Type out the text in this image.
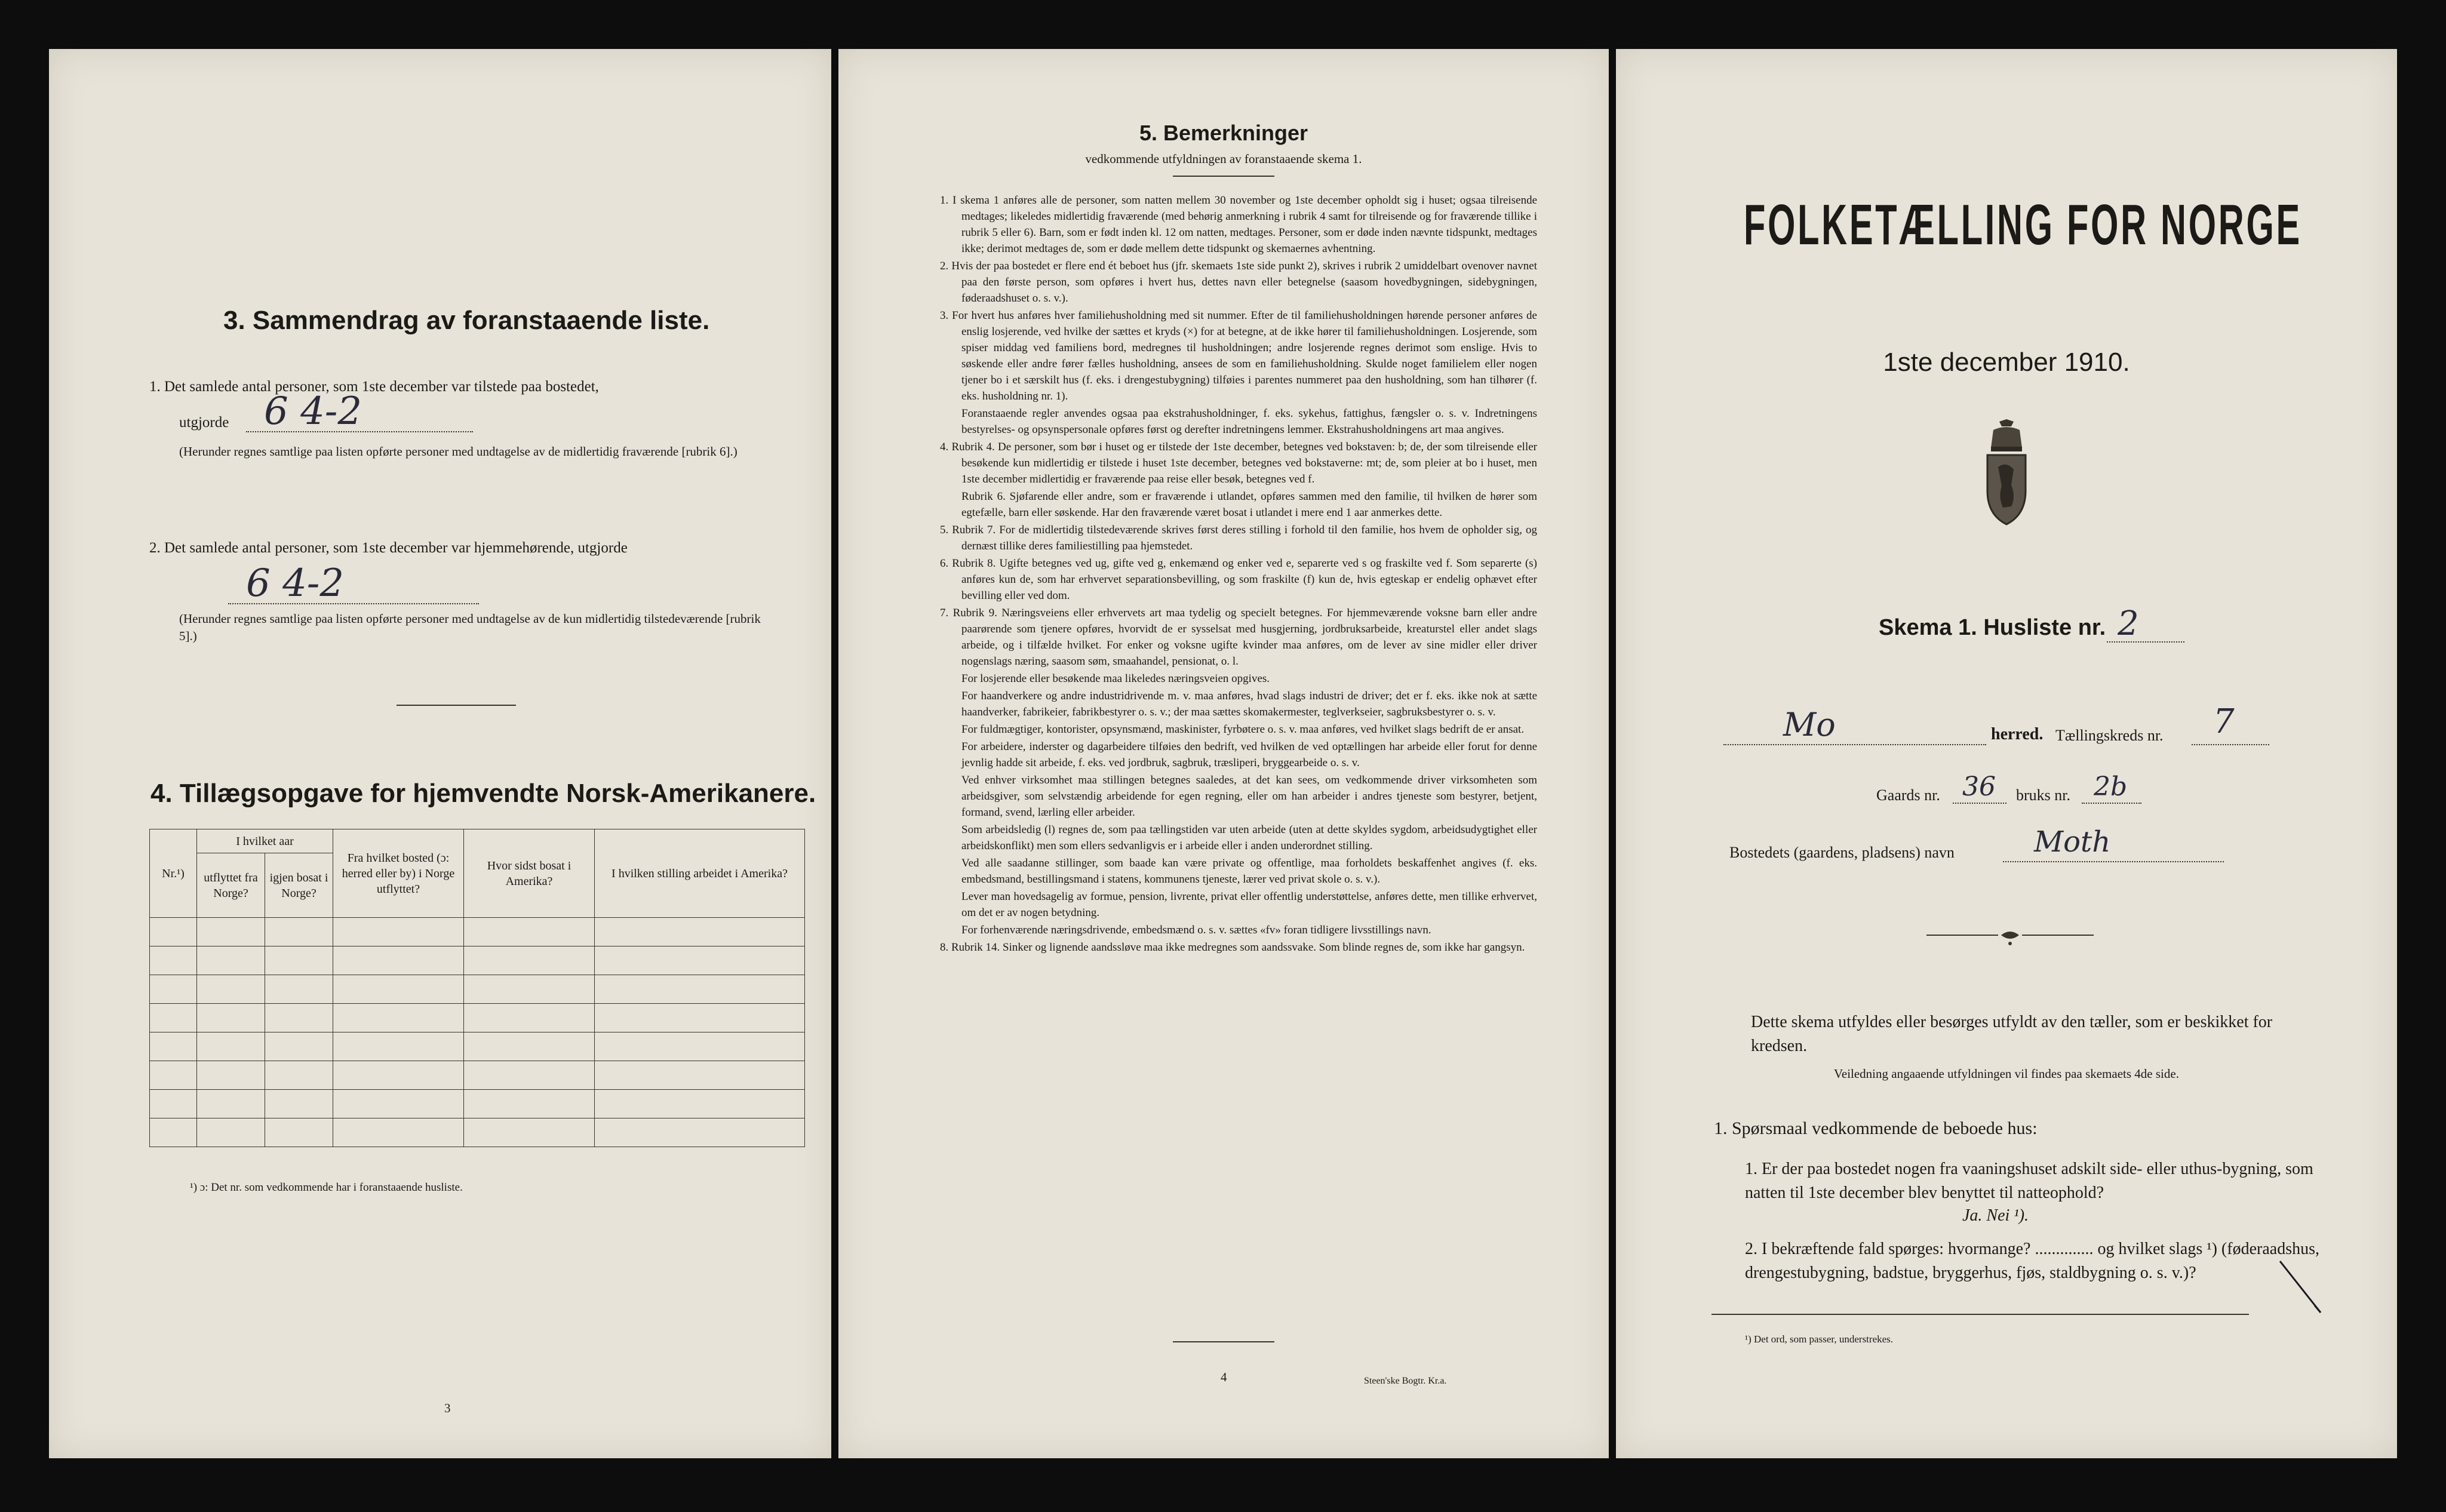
3. Sammendrag av foranstaaende liste.
1. Det samlede antal personer, som 1ste december var tilstede paa bostedet,
utgjorde 6 4-2
(Herunder regnes samtlige paa listen opførte personer med undtagelse av de midlertidig fraværende [rubrik 6].)
2. Det samlede antal personer, som 1ste december var hjemmehørende, utgjorde
6 4-2
(Herunder regnes samtlige paa listen opførte personer med undtagelse av de kun midlertidig tilstedeværende [rubrik 5].)
4. Tillægsopgave for hjemvendte Norsk-Amerikanere.
Nr.¹)	I hvilket aar		Fra hvilket bosted (ɔ: herred eller by) i Norge utflyttet?	Hvor sidst bosat i Amerika?	I hvilken stilling arbeidet i Amerika?
	utflyttet fra Norge?	igjen bosat i Norge?			

¹) ɔ: Det nr. som vedkommende har i foranstaaende husliste.
3
5. Bemerkninger
vedkommende utfyldningen av foranstaaende skema 1.

1. I skema 1 anføres alle de personer, som natten mellem 30 november og 1ste december opholdt sig i huset; ogsaa tilreisende medtages; likeledes midlertidig fraværende (med behørig anmerkning i rubrik 4 samt for tilreisende og for fraværende tillike i rubrik 5 eller 6). Barn, som er født inden kl. 12 om natten, medtages. Personer, som er døde inden nævnte tidspunkt, medtages ikke; derimot medtages de, som er døde mellem dette tidspunkt og skemaernes avhentning.

2. Hvis der paa bostedet er flere end ét beboet hus (jfr. skemaets 1ste side punkt 2), skrives i rubrik 2 umiddelbart ovenover navnet paa den første person, som opføres i hvert hus, dettes navn eller betegnelse (saasom hovedbygningen, sidebygningen, føderaadshuset o. s. v.).

3. For hvert hus anføres hver familiehusholdning med sit nummer. Efter de til familiehusholdningen hørende personer anføres de enslig losjerende, ved hvilke der sættes et kryds (×) for at betegne, at de ikke hører til familiehusholdningen. Losjerende, som spiser middag ved familiens bord, medregnes til husholdningen; andre losjerende regnes derimot som enslige. Hvis to søskende eller andre fører fælles husholdning, ansees de som en familiehusholdning. Skulde noget familielem eller nogen tjener bo i et særskilt hus (f. eks. i drengestubygning) tilføies i parentes nummeret paa den husholdning, som han tilhører (f. eks. husholdning nr. 1).

Foranstaaende regler anvendes ogsaa paa ekstrahusholdninger, f. eks. sykehus, fattighus, fængsler o. s. v. Indretningens bestyrelses- og opsynspersonale opføres først og derefter indretningens lemmer. Ekstrahusholdningens art maa angives.

4. Rubrik 4. De personer, som bør i huset og er tilstede der 1ste december, betegnes ved bokstaven: b; de, der som tilreisende eller besøkende kun midlertidig er tilstede i huset 1ste december, betegnes ved bokstaverne: mt; de, som pleier at bo i huset, men 1ste december midlertidig er fraværende paa reise eller besøk, betegnes ved f.

Rubrik 6. Sjøfarende eller andre, som er fraværende i utlandet, opføres sammen med den familie, til hvilken de hører som egtefælle, barn eller søskende. Har den fraværende været bosat i utlandet i mere end 1 aar anmerkes dette.

5. Rubrik 7. For de midlertidig tilstedeværende skrives først deres stilling i forhold til den familie, hos hvem de opholder sig, og dernæst tillike deres familiestilling paa hjemstedet.

6. Rubrik 8. Ugifte betegnes ved ug, gifte ved g, enkemænd og enker ved e, separerte ved s og fraskilte ved f. Som separerte (s) anføres kun de, som har erhvervet separationsbevilling, og som fraskilte (f) kun de, hvis egteskap er endelig ophævet efter bevilling eller ved dom.

7. Rubrik 9. Næringsveiens eller erhvervets art maa tydelig og specielt betegnes. For hjemmeværende voksne barn eller andre paarørende som tjenere opføres, hvorvidt de er sysselsat med husgjerning, jordbruksarbeide, kreaturstel eller andet slags arbeide, og i tilfælde hvilket. For enker og voksne ugifte kvinder maa anføres, om de lever av sine midler eller driver nogenslags næring, saasom søm, smaahandel, pensionat, o. l.

For losjerende eller besøkende maa likeledes næringsveien opgives.

For haandverkere og andre industridrivende m. v. maa anføres, hvad slags industri de driver; det er f. eks. ikke nok at sætte haandverker, fabrikeier, fabrikbestyrer o. s. v.; der maa sættes skomakermester, teglverkseier, sagbruksbestyrer o. s. v.

For fuldmægtiger, kontorister, opsynsmænd, maskinister, fyrbøtere o. s. v. maa anføres, ved hvilket slags bedrift de er ansat.

For arbeidere, inderster og dagarbeidere tilføies den bedrift, ved hvilken de ved optællingen har arbeide eller forut for denne jevnlig hadde sit arbeide, f. eks. ved jordbruk, sagbruk, træsliperi, bryggearbeide o. s. v.

Ved enhver virksomhet maa stillingen betegnes saaledes, at det kan sees, om vedkommende driver virksomheten som arbeidsgiver, som selvstændig arbeidende for egen regning, eller om han arbeider i andres tjeneste som bestyrer, betjent, formand, svend, lærling eller arbeider.

Som arbeidsledig (l) regnes de, som paa tællingstiden var uten arbeide (uten at dette skyldes sygdom, arbeidsudygtighet eller arbeidskonflikt) men som ellers sedvanligvis er i arbeide eller i anden underordnet stilling.

Ved alle saadanne stillinger, som baade kan være private og offentlige, maa forholdets beskaffenhet angives (f. eks. embedsmand, bestillingsmand i statens, kommunens tjeneste, lærer ved privat skole o. s. v.).

Lever man hovedsagelig av formue, pension, livrente, privat eller offentlig understøttelse, anføres dette, men tillike erhvervet, om det er av nogen betydning.

For forhenværende næringsdrivende, embedsmænd o. s. v. sættes «fv» foran tidligere livsstillings navn.

8. Rubrik 14. Sinker og lignende aandssløve maa ikke medregnes som aandssvake. Som blinde regnes de, som ikke har gangsyn.

4	Steen'ske Bogtr. Kr.a.
FOLKETÆLLING FOR NORGE
1ste december 1910.
Skema 1. Husliste nr. 2
Mo	herred. Tællingskreds nr. 7
Gaards nr. 36 bruks nr. 2b
Bostedets (gaardens, pladsens) navn	Moth
Dette skema utfyldes eller besørges utfyldt av den tæller, som er beskikket for kredsen.
Veiledning angaaende utfyldningen vil findes paa skemaets 4de side.
1. Spørsmaal vedkommende de beboede hus:
1. Er der paa bostedet nogen fra vaaningshuset adskilt side- eller uthus-bygning, som natten til 1ste december blev benyttet til natteophold?
Ja. Nei ¹).
2. I bekræftende fald spørges: hvormange? .............. og hvilket slags ¹) (føderaadshus, drengestubygning, badstue, bryggerhus, fjøs, staldbygning o. s. v.)?
¹) Det ord, som passer, understrekes.
